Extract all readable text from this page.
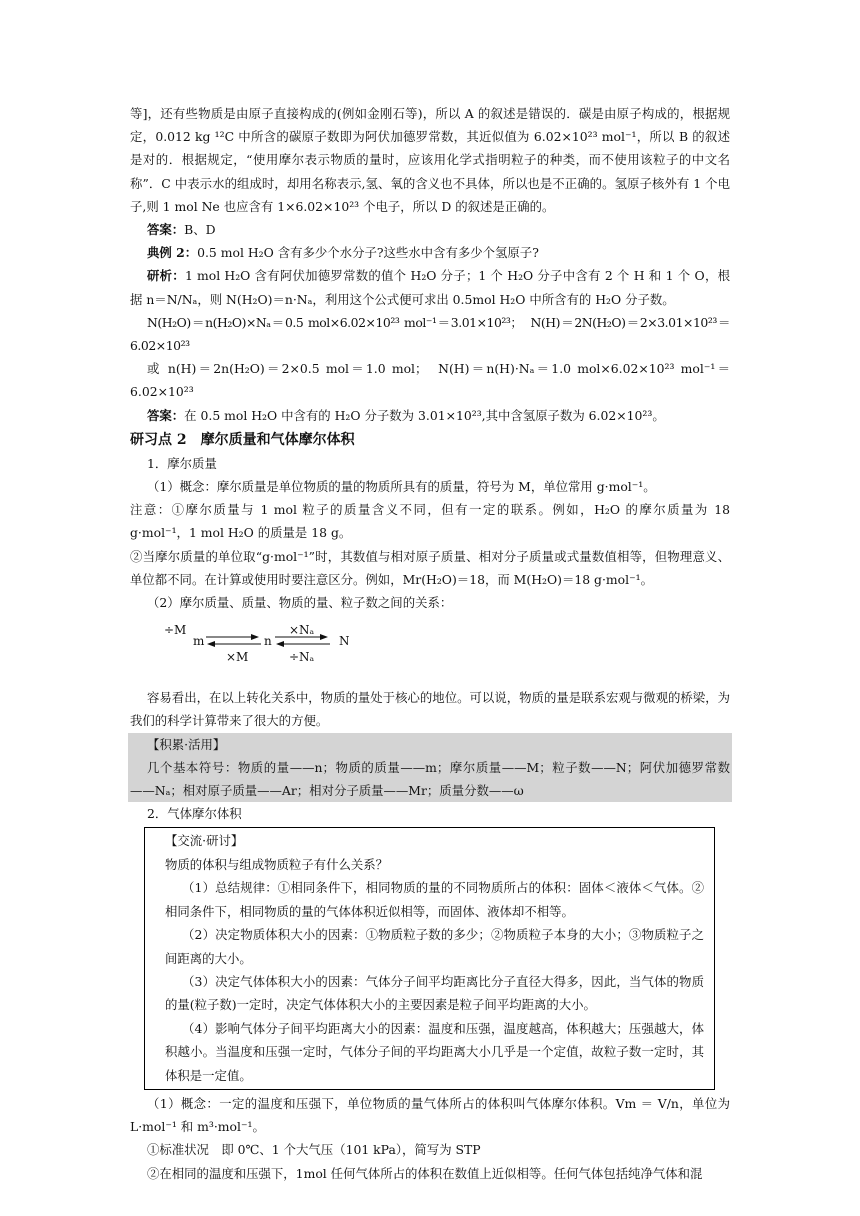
等]，还有些物质是由原子直接构成的(例如金刚石等)，所以 A 的叙述是错误的．碳是由原子构成的，根据规定，0.012 kg ¹²C 中所含的碳原子数即为阿伏加德罗常数，其近似值为 6.02×10²³ mol⁻¹，所以 B 的叙述是对的．根据规定，“使用摩尔表示物质的量时，应该用化学式指明粒子的种类，而不使用该粒子的中文名称”．C 中表示水的组成时，却用名称表示,氢、氧的含义也不具体，所以也是不正确的。氢原子核外有 1 个电子,则 1 mol Ne 也应含有 1×6.02×10²³ 个电子，所以 D 的叙述是正确的。

答案：B、D

典例 2：0.5 mol H₂O 含有多少个水分子?这些水中含有多少个氢原子?

研析：1 mol H₂O 含有阿伏加德罗常数的值个 H₂O 分子；1 个 H₂O 分子中含有 2 个 H 和 1 个 O，根据 n＝N/Nₐ，则 N(H₂O)＝n·Nₐ，利用这个公式便可求出 0.5mol H₂O 中所含有的 H₂O 分子数。

N(H₂O)＝n(H₂O)×Nₐ＝0.5 mol×6.02×10²³ mol⁻¹＝3.01×10²³；　N(H)＝2N(H₂O)＝2×3.01×10²³＝6.02×10²³

或 n(H)＝2n(H₂O)＝2×0.5 mol＝1.0 mol；　N(H)＝n(H)·Nₐ＝1.0 mol×6.02×10²³ mol⁻¹＝6.02×10²³

答案：在 0.5 mol H₂O 中含有的 H₂O 分子数为 3.01×10²³,其中含氢原子数为 6.02×10²³。

研习点 2　摩尔质量和气体摩尔体积

1．摩尔质量

（1）概念：摩尔质量是单位物质的量的物质所具有的质量，符号为 M，单位常用 g·mol⁻¹。

注意：①摩尔质量与 1 mol 粒子的质量含义不同，但有一定的联系。例如，H₂O 的摩尔质量为 18 g·mol⁻¹，1 mol H₂O 的质量是 18 g。

②当摩尔质量的单位取“g·mol⁻¹”时，其数值与相对原子质量、相对分子质量或式量数值相等，但物理意义、单位都不同。在计算或使用时要注意区分。例如，Mr(H₂O)＝18，而 M(H₂O)＝18 g·mol⁻¹。

（2）摩尔质量、质量、物质的量、粒子数之间的关系：

÷M
m	n
×Nₐ
N
×M	÷Nₐ

容易看出，在以上转化关系中，物质的量处于核心的地位。可以说，物质的量是联系宏观与微观的桥梁，为我们的科学计算带来了很大的方便。

【积累·活用】

几个基本符号：物质的量——n；物质的质量——m；摩尔质量——M；粒子数——N；阿伏加德罗常数——Nₐ；相对原子质量——Ar；相对分子质量——Mr；质量分数——ω

2．气体摩尔体积

【交流·研讨】

物质的体积与组成物质粒子有什么关系？

（1）总结规律：①相同条件下，相同物质的量的不同物质所占的体积：固体＜液体＜气体。②相同条件下，相同物质的量的气体体积近似相等，而固体、液体却不相等。

（2）决定物质体积大小的因素：①物质粒子数的多少；②物质粒子本身的大小；③物质粒子之间距离的大小。

（3）决定气体体积大小的因素：气体分子间平均距离比分子直径大得多，因此，当气体的物质的量(粒子数)一定时，决定气体体积大小的主要因素是粒子间平均距离的大小。

（4）影响气体分子间平均距离大小的因素：温度和压强，温度越高，体积越大；压强越大，体积越小。当温度和压强一定时，气体分子间的平均距离大小几乎是一个定值，故粒子数一定时，其体积是一定值。

（1）概念：一定的温度和压强下，单位物质的量气体所占的体积叫气体摩尔体积。Vm ＝ V/n，单位为 L·mol⁻¹ 和 m³·mol⁻¹。

①标准状况　即 0℃、1 个大气压（101 kPa），简写为 STP

②在相同的温度和压强下，1mol 任何气体所占的体积在数值上近似相等。任何气体包括纯净气体和混
